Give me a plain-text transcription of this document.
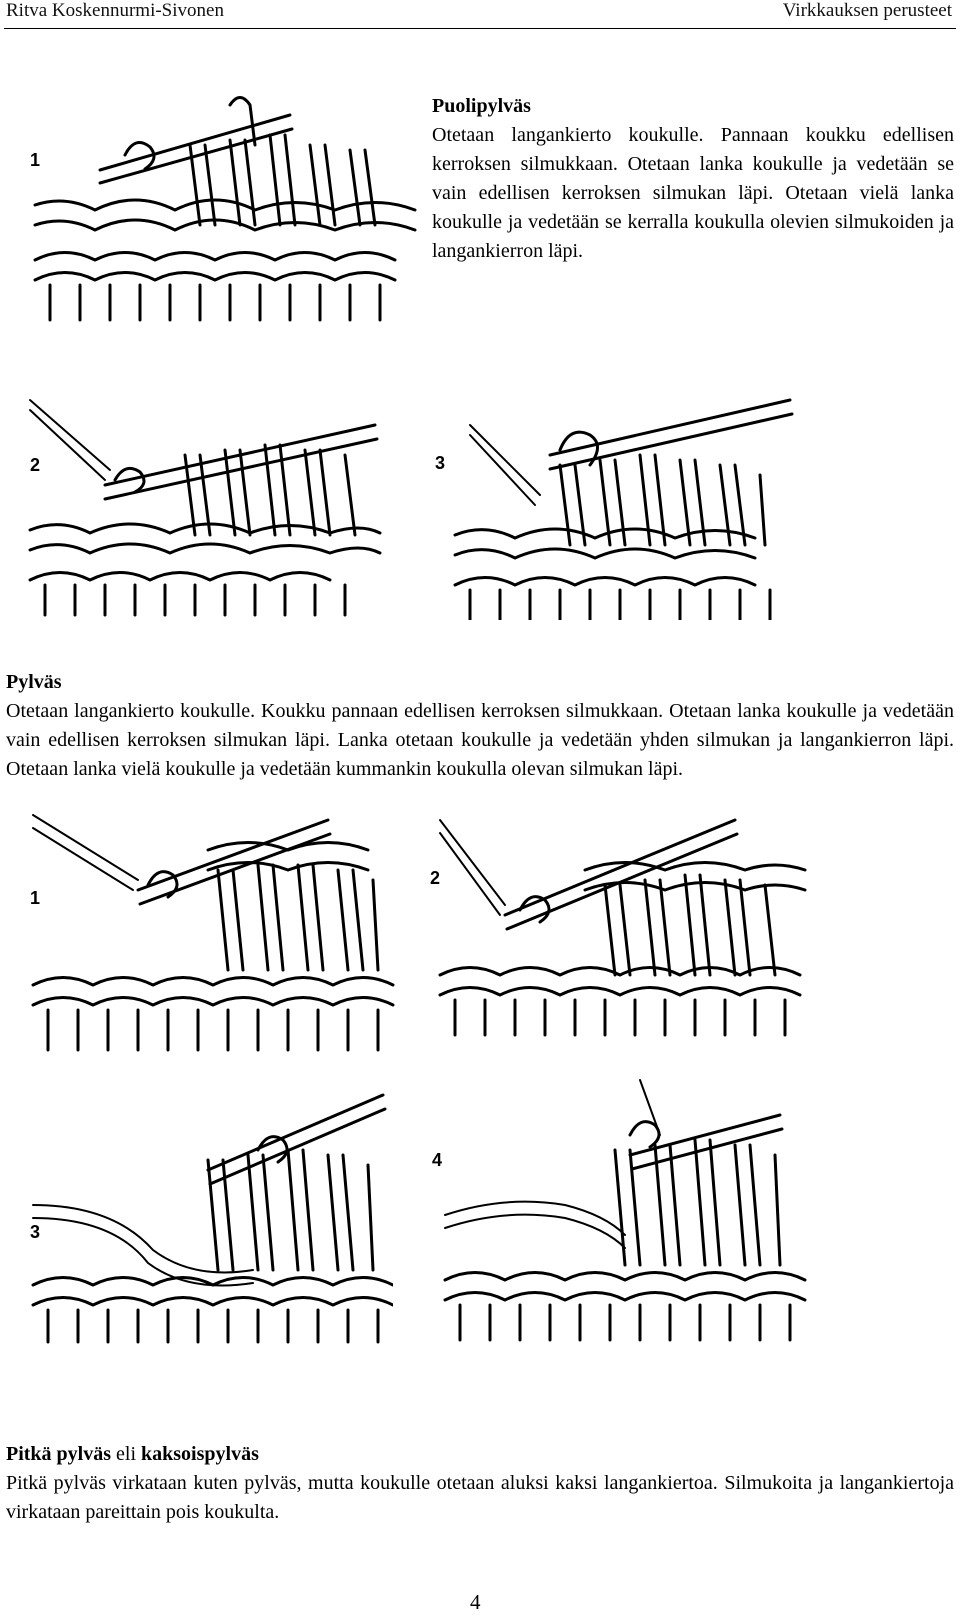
Ritva Koskennurmi-Sivonen	Virkkauksen perusteet
1
2	3
Puolipylväs
Otetaan langankierto koukulle. Pannaan koukku edellisen kerroksen silmukkaan. Otetaan lanka koukulle ja vedetään se vain edellisen kerroksen silmukan läpi. Otetaan vielä lanka koukulle ja vedetään se kerralla koukulla olevien silmukoiden ja langankierron läpi.
Pylväs
Otetaan langankierto koukulle. Koukku pannaan edellisen kerroksen silmukkaan. Otetaan lanka koukulle ja vedetään vain edellisen kerroksen silmukan läpi. Lanka otetaan koukulle ja vedetään yhden silmukan ja langankierron läpi. Otetaan lanka vielä koukulle ja vedetään kummankin koukulla olevan silmukan läpi.
1
2
3
4
Pitkä pylväs eli kaksoispylväs
Pitkä pylväs virkataan kuten pylväs, mutta koukulle otetaan aluksi kaksi langankiertoa. Silmukoita ja langankiertoja virkataan pareittain pois koukulta.
4
